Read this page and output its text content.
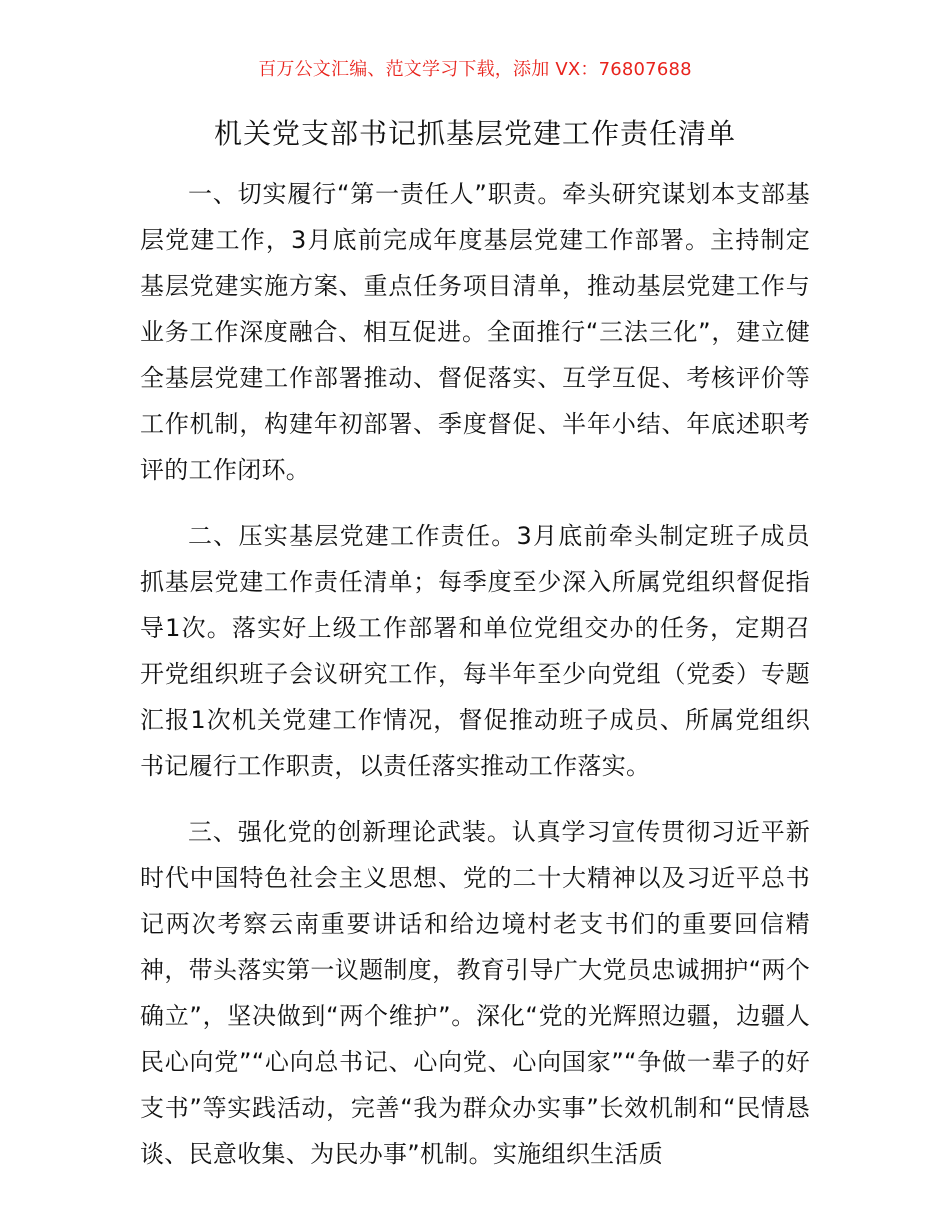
百万公文汇编、范文学习下载，添加 VX：76807688
机关党支部书记抓基层党建工作责任清单

一、切实履行“第一责任人”职责。牵头研究谋划本支部基层党建工作，3月底前完成年度基层党建工作部署。主持制定基层党建实施方案、重点任务项目清单，推动基层党建工作与业务工作深度融合、相互促进。全面推行“三法三化”，建立健全基层党建工作部署推动、督促落实、互学互促、考核评价等工作机制，构建年初部署、季度督促、半年小结、年底述职考评的工作闭环。

二、压实基层党建工作责任。3月底前牵头制定班子成员抓基层党建工作责任清单；每季度至少深入所属党组织督促指导1次。落实好上级工作部署和单位党组交办的任务，定期召开党组织班子会议研究工作，每半年至少向党组（党委）专题汇报1次机关党建工作情况，督促推动班子成员、所属党组织书记履行工作职责，以责任落实推动工作落实。

三、强化党的创新理论武装。认真学习宣传贯彻习近平新时代中国特色社会主义思想、党的二十大精神以及习近平总书记两次考察云南重要讲话和给边境村老支书们的重要回信精神，带头落实第一议题制度，教育引导广大党员忠诚拥护“两个确立”，坚决做到“两个维护”。深化“党的光辉照边疆，边疆人民心向党”“心向总书记、心向党、心向国家”“争做一辈子的好支书”等实践活动，完善“我为群众办实事”长效机制和“民情恳谈、民意收集、为民办事”机制。实施组织生活质
